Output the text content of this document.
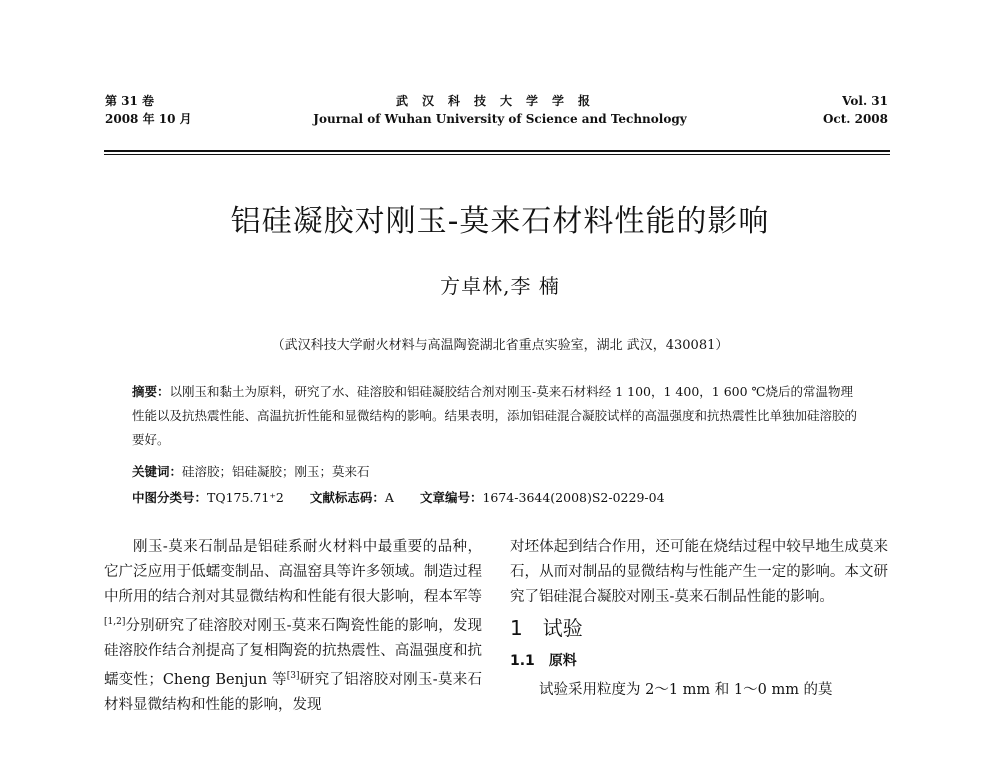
第 31 卷
2008 年 10 月
武汉科技大学学报
Journal of Wuhan University of Science and Technology
Vol. 31
Oct. 2008
铝硅凝胶对刚玉-莫来石材料性能的影响
方卓林,李 楠
（武汉科技大学耐火材料与高温陶瓷湖北省重点实验室，湖北 武汉，430081）
摘要：以刚玉和黏土为原料，研究了水、硅溶胶和铝硅凝胶结合剂对刚玉-莫来石材料经 1 100，1 400，1 600 ℃烧后的常温物理性能以及抗热震性能、高温抗折性能和显微结构的影响。结果表明，添加铝硅混合凝胶试样的高温强度和抗热震性比单独加硅溶胶的要好。
关键词：硅溶胶；铝硅凝胶；刚玉；莫来石
中图分类号：TQ175.71⁺2 文献标志码：A 文章编号：1674-3644(2008)S2-0229-04

刚玉-莫来石制品是铝硅系耐火材料中最重要的品种，它广泛应用于低蠕变制品、高温窑具等许多领域。制造过程中所用的结合剂对其显微结构和性能有很大影响，程本军等[1,2]分别研究了硅溶胶对刚玉-莫来石陶瓷性能的影响，发现硅溶胶作结合剂提高了复相陶瓷的抗热震性、高温强度和抗蠕变性；Cheng Benjun 等[3]研究了铝溶胶对刚玉-莫来石材料显微结构和性能的影响，发现

对坯体起到结合作用，还可能在烧结过程中较早地生成莫来石，从而对制品的显微结构与性能产生一定的影响。本文研究了铝硅混合凝胶对刚玉-莫来石制品性能的影响。

1 试验
1.1 原料

试验采用粒度为 2～1 mm 和 1～0 mm 的莫
